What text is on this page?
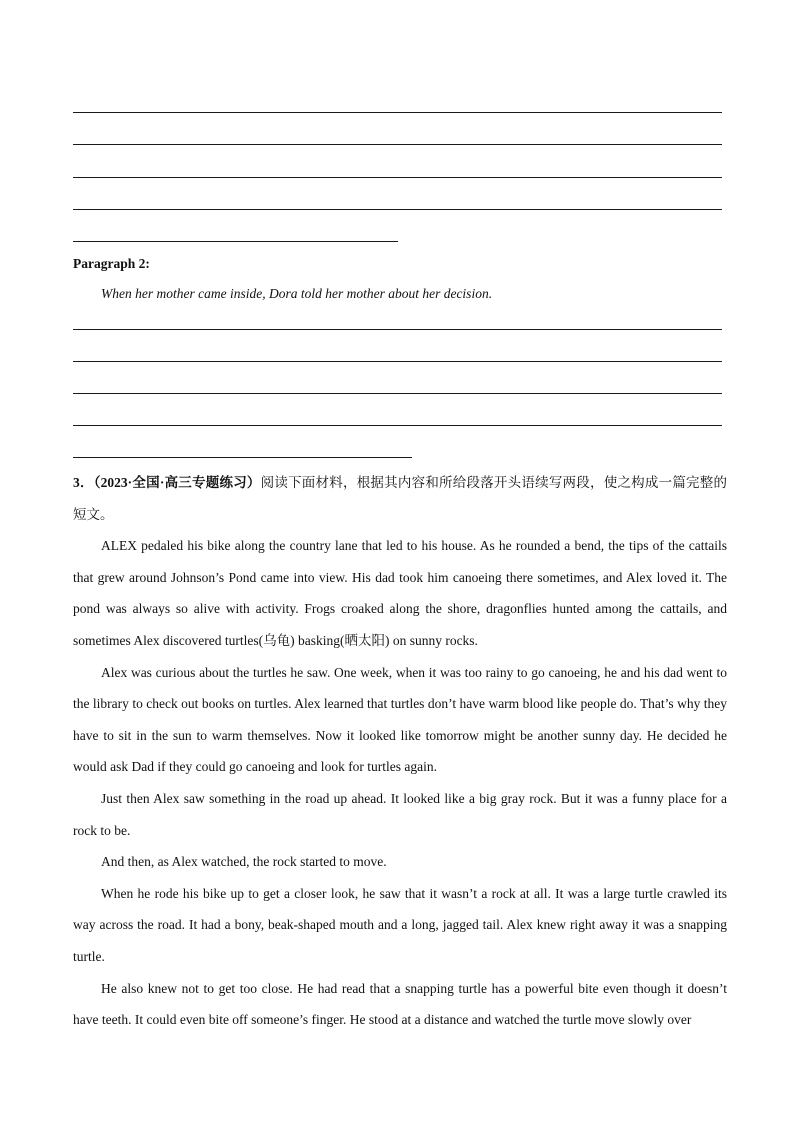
Paragraph 2:
When her mother came inside, Dora told her mother about her decision.

3．（2023·全国·高三专题练习）阅读下面材料，根据其内容和所给段落开头语续写两段，使之构成一篇完整的短文。

ALEX pedaled his bike along the country lane that led to his house. As he rounded a bend, the tips of the cattails that grew around Johnson’s Pond came into view. His dad took him canoeing there sometimes, and Alex loved it. The pond was always so alive with activity. Frogs croaked along the shore, dragonflies hunted among the cattails, and sometimes Alex discovered turtles(乌龟) basking(晒太阳) on sunny rocks.

Alex was curious about the turtles he saw. One week, when it was too rainy to go canoeing, he and his dad went to the library to check out books on turtles. Alex learned that turtles don’t have warm blood like people do. That’s why they have to sit in the sun to warm themselves. Now it looked like tomorrow might be another sunny day. He decided he would ask Dad if they could go canoeing and look for turtles again.

Just then Alex saw something in the road up ahead. It looked like a big gray rock. But it was a funny place for a rock to be.

And then, as Alex watched, the rock started to move.

When he rode his bike up to get a closer look, he saw that it wasn’t a rock at all. It was a large turtle crawled its way across the road. It had a bony, beak-shaped mouth and a long, jagged tail. Alex knew right away it was a snapping turtle.

He also knew not to get too close. He had read that a snapping turtle has a powerful bite even though it doesn’t have teeth. It could even bite off someone’s finger. He stood at a distance and watched the turtle move slowly over
